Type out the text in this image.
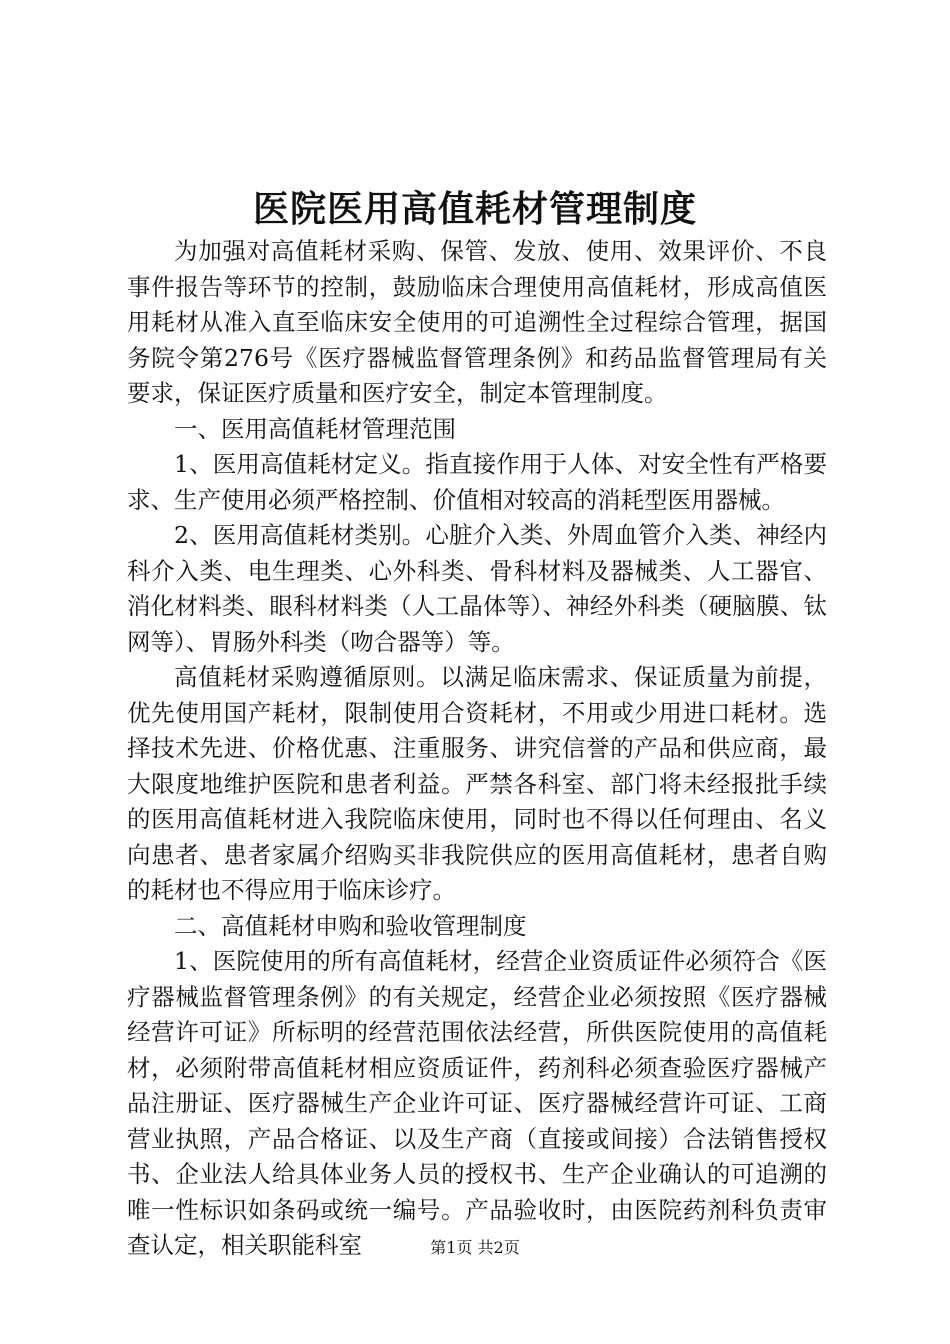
医院医用高值耗材管理制度

为加强对高值耗材采购、保管、发放、使用、效果评价、不良事件报告等环节的控制，鼓励临床合理使用高值耗材，形成高值医用耗材从准入直至临床安全使用的可追溯性全过程综合管理，据国务院令第276号《医疗器械监督管理条例》和药品监督管理局有关要求，保证医疗质量和医疗安全，制定本管理制度。

一、医用高值耗材管理范围

1、医用高值耗材定义。指直接作用于人体、对安全性有严格要求、生产使用必须严格控制、价值相对较高的消耗型医用器械。

2、医用高值耗材类别。心脏介入类、外周血管介入类、神经内科介入类、电生理类、心外科类、骨科材料及器械类、人工器官、消化材料类、眼科材料类（人工晶体等）、神经外科类（硬脑膜、钛网等）、胃肠外科类（吻合器等）等。

高值耗材采购遵循原则。以满足临床需求、保证质量为前提，优先使用国产耗材，限制使用合资耗材，不用或少用进口耗材。选择技术先进、价格优惠、注重服务、讲究信誉的产品和供应商，最大限度地维护医院和患者利益。严禁各科室、部门将未经报批手续的医用高值耗材进入我院临床使用，同时也不得以任何理由、名义向患者、患者家属介绍购买非我院供应的医用高值耗材，患者自购的耗材也不得应用于临床诊疗。

二、高值耗材申购和验收管理制度

1、医院使用的所有高值耗材，经营企业资质证件必须符合《医疗器械监督管理条例》的有关规定，经营企业必须按照《医疗器械经营许可证》所标明的经营范围依法经营，所供医院使用的高值耗材，必须附带高值耗材相应资质证件，药剂科必须查验医疗器械产品注册证、医疗器械生产企业许可证、医疗器械经营许可证、工商营业执照，产品合格证、以及生产商（直接或间接）合法销售授权书、企业法人给具体业务人员的授权书、生产企业确认的可追溯的唯一性标识如条码或统一编号。产品验收时，由医院药剂科负责审查认定，相关职能科室	第1页 共2页
